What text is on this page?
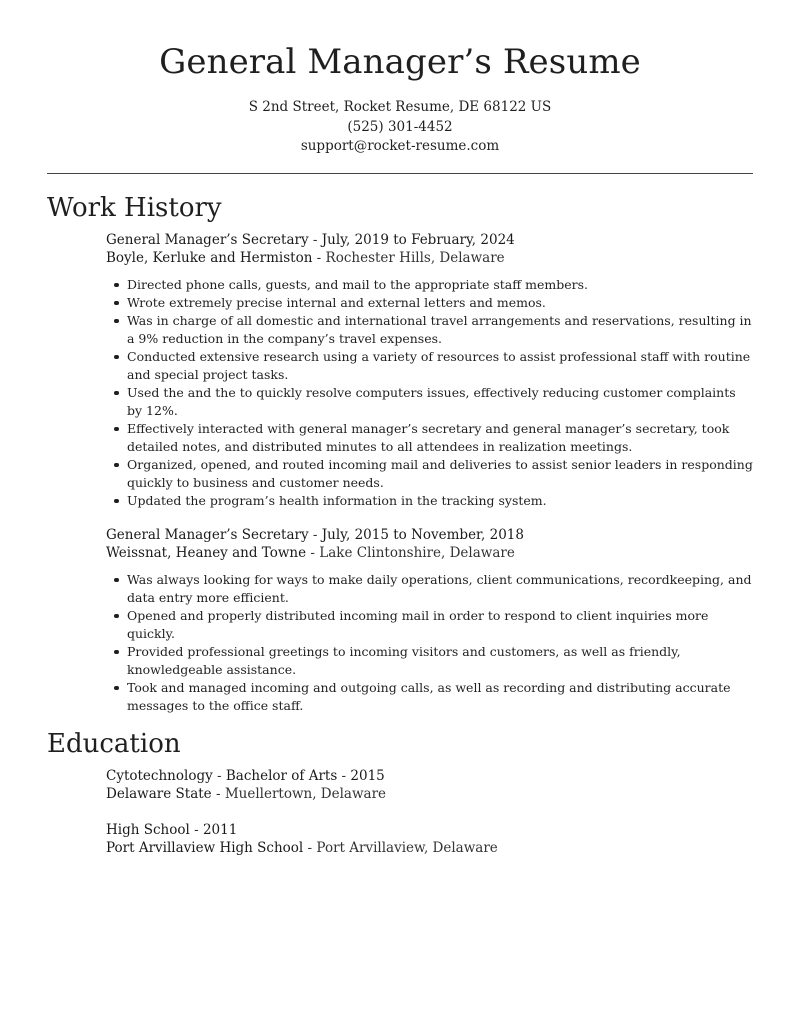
General Manager’s Resume

S 2nd Street, Rocket Resume, DE 68122 US

(525) 301-4452

support@rocket-resume.com

Work History

General Manager’s Secretary - July, 2019 to February, 2024

Boyle, Kerluke and Hermiston - Rochester Hills, Delaware

Directed phone calls, guests, and mail to the appropriate staff members.
Wrote extremely precise internal and external letters and memos.
Was in charge of all domestic and international travel arrangements and reservations, resulting in a 9% reduction in the company’s travel expenses.
Conducted extensive research using a variety of resources to assist professional staff with routine and special project tasks.
Used the and the to quickly resolve computers issues, effectively reducing customer complaints by 12%.
Effectively interacted with general manager’s secretary and general manager’s secretary, took detailed notes, and distributed minutes to all attendees in realization meetings.
Organized, opened, and routed incoming mail and deliveries to assist senior leaders in responding quickly to business and customer needs.
Updated the program’s health information in the tracking system.

General Manager’s Secretary - July, 2015 to November, 2018

Weissnat, Heaney and Towne - Lake Clintonshire, Delaware

Was always looking for ways to make daily operations, client communications, recordkeeping, and data entry more efficient.
Opened and properly distributed incoming mail in order to respond to client inquiries more quickly.
Provided professional greetings to incoming visitors and customers, as well as friendly, knowledgeable assistance.
Took and managed incoming and outgoing calls, as well as recording and distributing accurate messages to the office staff.
Education

Cytotechnology - Bachelor of Arts - 2015

Delaware State - Muellertown, Delaware

High School - 2011

Port Arvillaview High School - Port Arvillaview, Delaware
